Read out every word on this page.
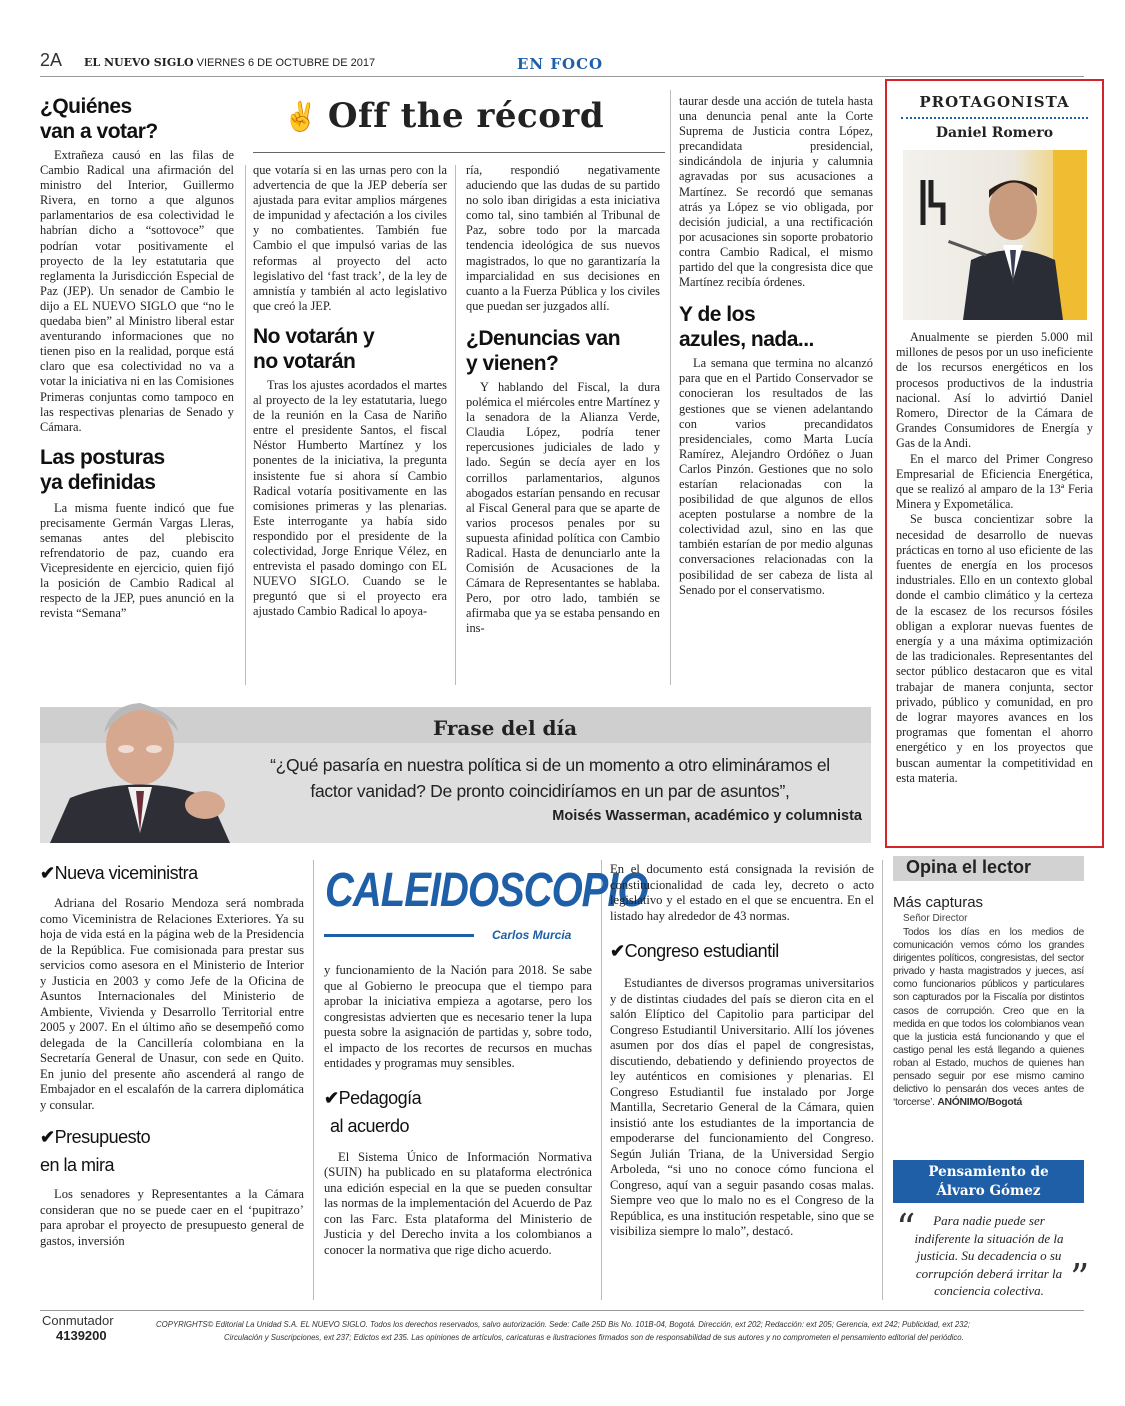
2A EL NUEVO SIGLO VIERNES 6 DE OCTUBRE DE 2017	EN FOCO
✌ Off the récord
¿Quiénes
van a votar?

Extrañeza causó en las filas de Cambio Radical una afirmación del ministro del Interior, Guillermo Rivera, en torno a que algunos parlamentarios de esa colectividad le habrían dicho a “sottovoce” que podrían votar positivamente el proyecto de la ley estatutaria que reglamenta la Jurisdicción Especial de Paz (JEP). Un senador de Cambio le dijo a EL NUEVO SIGLO que “no le quedaba bien” al Ministro liberal estar aventurando informaciones que no tienen piso en la realidad, porque está claro que esa colectividad no va a votar la iniciativa ni en las Comisiones Primeras conjuntas como tampoco en las respectivas plenarias de Senado y Cámara.

Las posturas
ya definidas

La misma fuente indicó que fue precisamente Germán Vargas Lleras, semanas antes del plebiscito refrendatorio de paz, cuando era Vicepresidente en ejercicio, quien fijó la posición de Cambio Radical al respecto de la JEP, pues anunció en la revista “Semana”

que votaría si en las urnas pero con la advertencia de que la JEP debería ser ajustada para evitar amplios márgenes de impunidad y afectación a los civiles y no combatientes. También fue Cambio el que impulsó varias de las reformas al proyecto del acto legislativo del ‘fast track’, de la ley de amnistía y también al acto legislativo que creó la JEP.

No votarán y
no votarán

Tras los ajustes acordados el martes al proyecto de la ley estatutaria, luego de la reunión en la Casa de Nariño entre el presidente Santos, el fiscal Néstor Humberto Martínez y los ponentes de la iniciativa, la pregunta insistente fue si ahora sí Cambio Radical votaría positivamente en las comisiones primeras y las plenarias. Este interrogante ya había sido respondido por el presidente de la colectividad, Jorge Enrique Vélez, en entrevista el pasado domingo con EL NUEVO SIGLO. Cuando se le preguntó que si el proyecto era ajustado Cambio Radical lo apoya-

ría, respondió negativamente aduciendo que las dudas de su partido no solo iban dirigidas a esta iniciativa como tal, sino también al Tribunal de Paz, sobre todo por la marcada tendencia ideológica de sus nuevos magistrados, lo que no garantizaría la imparcialidad en sus decisiones en cuanto a la Fuerza Pública y los civiles que puedan ser juzgados allí.

¿Denuncias van
y vienen?

Y hablando del Fiscal, la dura polémica el miércoles entre Martínez y la senadora de la Alianza Verde, Claudia López, podría tener repercusiones judiciales de lado y lado. Según se decía ayer en los corrillos parlamentarios, algunos abogados estarían pensando en recusar al Fiscal General para que se aparte de varios procesos penales por su supuesta afinidad política con Cambio Radical. Hasta de denunciarlo ante la Comisión de Acusaciones de la Cámara de Representantes se hablaba. Pero, por otro lado, también se afirmaba que ya se estaba pensando en ins-

taurar desde una acción de tutela hasta una denuncia penal ante la Corte Suprema de Justicia contra López, precandidata presidencial, sindicándola de injuria y calumnia agravadas por sus acusaciones a Martínez. Se recordó que semanas atrás ya López se vio obligada, por decisión judicial, a una rectificación por acusaciones sin soporte probatorio contra Cambio Radical, el mismo partido del que la congresista dice que Martínez recibía órdenes.

Y de los
azules, nada...

La semana que termina no alcanzó para que en el Partido Conservador se conocieran los resultados de las gestiones que se vienen adelantando con varios precandidatos presidenciales, como Marta Lucía Ramírez, Alejandro Ordóñez o Juan Carlos Pinzón. Gestiones que no solo estarían relacionadas con la posibilidad de que algunos de ellos acepten postularse a nombre de la colectividad azul, sino en las que también estarían de por medio algunas conversaciones relacionadas con la posibilidad de ser cabeza de lista al Senado por el conservatismo.

PROTAGONISTA
Daniel Romero

Anualmente se pierden 5.000 mil millones de pesos por un uso ineficiente de los recursos energéticos en los procesos productivos de la industria nacional. Así lo advirtió Daniel Romero, Director de la Cámara de Grandes Consumidores de Energía y Gas de la Andi.

En el marco del Primer Congreso Empresarial de Eficiencia Energética, que se realizó al amparo de la 13ª Feria Minera y Expometálica.

Se busca concientizar sobre la necesidad de desarrollo de nuevas prácticas en torno al uso eficiente de las fuentes de energía en los procesos industriales. Ello en un contexto global donde el cambio climático y la certeza de la escasez de los recursos fósiles obligan a explorar nuevas fuentes de energía y a una máxima optimización de las tradicionales. Representantes del sector público destacaron que es vital trabajar de manera conjunta, sector privado, público y comunidad, en pro de lograr mayores avances en los programas que fomentan el ahorro energético y en los proyectos que buscan aumentar la competitividad en esta materia.

Frase del día
“¿Qué pasaría en nuestra política si de un momento a otro elimináramos el factor vanidad? De pronto coincidiríamos en un par de asuntos”,
Moisés Wasserman, académico y columnista
CALEIDOSCOPIO
Carlos Murcia
✔Nueva viceministra

Adriana del Rosario Mendoza será nombrada como Viceministra de Relaciones Exteriores. Ya su hoja de vida está en la página web de la Presidencia de la República. Fue comisionada para prestar sus servicios como asesora en el Ministerio de Interior y Justicia en 2003 y como Jefe de la Oficina de Asuntos Internacionales del Ministerio de Ambiente, Vivienda y Desarrollo Territorial entre 2005 y 2007. En el último año se desempeñó como delegada de la Cancillería colombiana en la Secretaría General de Unasur, con sede en Quito. En junio del presente año ascenderá al rango de Embajador en el escalafón de la carrera diplomática y consular.

✔Presupuesto
en la mira

Los senadores y Representantes a la Cámara consideran que no se puede caer en el ‘pupitrazo’ para aprobar el proyecto de presupuesto general de gastos, inversión

y funcionamiento de la Nación para 2018. Se sabe que al Gobierno le preocupa que el tiempo para aprobar la iniciativa empieza a agotarse, pero los congresistas advierten que es necesario tener la lupa puesta sobre la asignación de partidas y, sobre todo, el impacto de los recortes de recursos en muchas entidades y programas muy sensibles.

✔Pedagogía
al acuerdo

El Sistema Único de Información Normativa (SUIN) ha publicado en su plataforma electrónica una edición especial en la que se pueden consultar las normas de la implementación del Acuerdo de Paz con las Farc. Esta plataforma del Ministerio de Justicia y del Derecho invita a los colombianos a conocer la normativa que rige dicho acuerdo.

En el documento está consignada la revisión de constitucionalidad de cada ley, decreto o acto legislativo y el estado en el que se encuentra. En el listado hay alrededor de 43 normas.

✔Congreso estudiantil

Estudiantes de diversos programas universitarios y de distintas ciudades del país se dieron cita en el salón Elíptico del Capitolio para participar del Congreso Estudiantil Universitario. Allí los jóvenes asumen por dos días el papel de congresistas, discutiendo, debatiendo y definiendo proyectos de ley auténticos en comisiones y plenarias. El Congreso Estudiantil fue instalado por Jorge Mantilla, Secretario General de la Cámara, quien insistió ante los estudiantes de la importancia de empoderarse del funcionamiento del Congreso. Según Julián Triana, de la Universidad Sergio Arboleda, “si uno no conoce cómo funciona el Congreso, aquí van a seguir pasando cosas malas. Siempre veo que lo malo no es el Congreso de la República, es una institución respetable, sino que se visibiliza siempre lo malo”, destacó.

Opina el lector
Más capturas
Señor Director
Todos los días en los medios de comunicación vemos cómo los grandes dirigentes políticos, congresistas, del sector privado y hasta magistrados y jueces, así como funcionarios públicos y particulares son capturados por la Fiscalía por distintos casos de corrupción. Creo que en la medida en que todos los colombianos vean que la justicia está funcionando y que el castigo penal les está llegando a quienes roban al Estado, muchos de quienes han pensado seguir por ese mismo camino delictivo lo pensarán dos veces antes de ‘torcerse’. ANÓNIMO/Bogotá
Pensamiento de
Álvaro Gómez
“	Para nadie puede ser indiferente la situación de la justicia. Su decadencia o su corrupción deberá irritar la conciencia colectiva. ”
Conmutador
4139200
COPYRIGHTS© Editorial La Unidad S.A. EL NUEVO SIGLO. Todos los derechos reservados, salvo autorización. Sede: Calle 25D Bis No. 101B-04, Bogotá. Dirección, ext 202; Redacción: ext 205; Gerencia, ext 242; Publicidad, ext 232;
Circulación y Suscripciones, ext 237; Edictos ext 235. Las opiniones de artículos, caricaturas e ilustraciones firmados son de responsabilidad de sus autores y no comprometen el pensamiento editorial del periódico.
